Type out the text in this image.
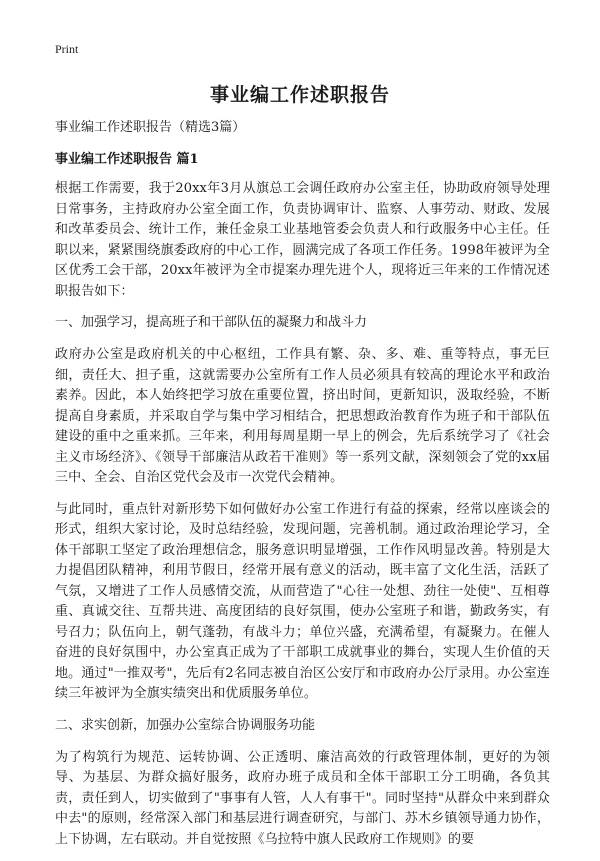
Print
事业编工作述职报告

事业编工作述职报告（精选3篇）

事业编工作述职报告 篇1

根据工作需要，我于20xx年3月从旗总工会调任政府办公室主任，协助政府领导处理日常事务，主持政府办公室全面工作，负责协调审计、监察、人事劳动、财政、发展和改革委员会、统计工作，兼任金泉工业基地管委会负责人和行政服务中心主任。任职以来，紧紧围绕旗委政府的中心工作，圆满完成了各项工作任务。1998年被评为全区优秀工会干部，20xx年被评为全市提案办理先进个人，现将近三年来的工作情况述职报告如下：

一、加强学习，提高班子和干部队伍的凝聚力和战斗力

政府办公室是政府机关的中心枢纽，工作具有繁、杂、多、难、重等特点，事无巨细，责任大、担子重，这就需要办公室所有工作人员必须具有较高的理论水平和政治素养。因此，本人始终把学习放在重要位置，挤出时间，更新知识，汲取经验，不断提高自身素质，并采取自学与集中学习相结合，把思想政治教育作为班子和干部队伍建设的重中之重来抓。三年来，利用每周星期一早上的例会，先后系统学习了《社会主义市场经济》、《领导干部廉洁从政若干准则》等一系列文献，深刻领会了党的xx届三中、全会、自治区党代会及市一次党代会精神。

与此同时，重点针对新形势下如何做好办公室工作进行有益的探索，经常以座谈会的形式，组织大家讨论，及时总结经验，发现问题，完善机制。通过政治理论学习，全体干部职工坚定了政治理想信念，服务意识明显增强，工作作风明显改善。特别是大力提倡团队精神，利用节假日，经常开展有意义的活动，既丰富了文化生活，活跃了气氛，又增进了工作人员感情交流，从而营造了"心往一处想、劲往一处使"、互相尊重、真诚交往、互帮共进、高度团结的良好氛围，使办公室班子和谐，勤政务实，有号召力；队伍向上，朝气蓬勃，有战斗力；单位兴盛，充满希望，有凝聚力。在催人奋进的良好氛围中，办公室真正成为了干部职工成就事业的舞台，实现人生价值的天地。通过"一推双考"，先后有2名同志被自治区公安厅和市政府办公厅录用。办公室连续三年被评为全旗实绩突出和优质服务单位。

二、求实创新，加强办公室综合协调服务功能

为了构筑行为规范、运转协调、公正透明、廉洁高效的行政管理体制，更好的为领导、为基层、为群众搞好服务，政府办班子成员和全体干部职工分工明确，各负其责，责任到人，切实做到了"事事有人管，人人有事干"。同时坚持"从群众中来到群众中去"的原则，经常深入部门和基层进行调查研究，与部门、苏木乡镇领导通力协作，上下协调，左右联动。并自觉按照《乌拉特中旗人民政府工作规则》的要
